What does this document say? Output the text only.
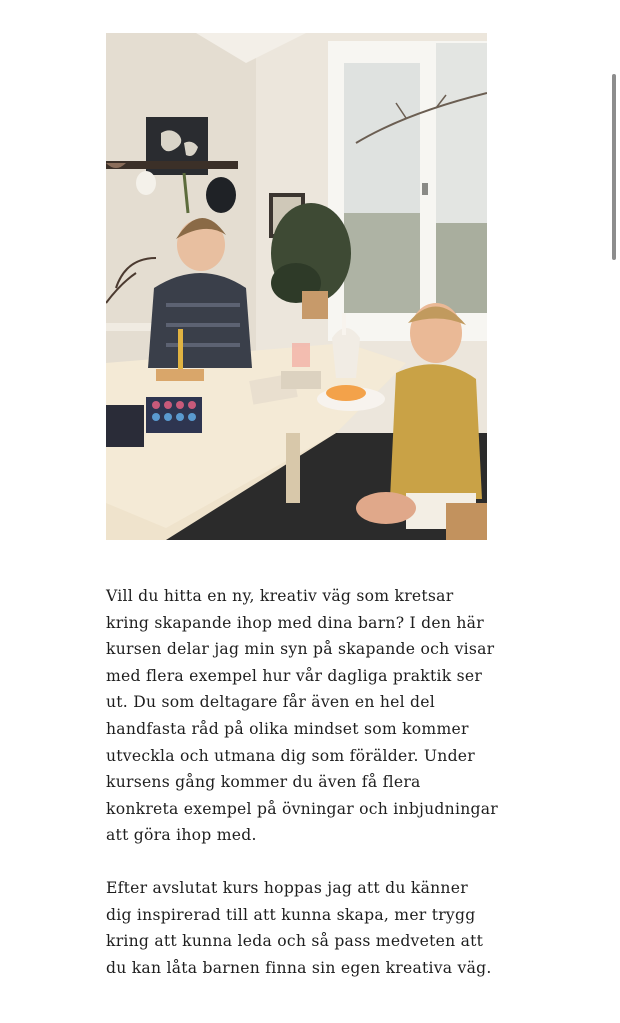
Vill du hitta en ny, kreativ väg som kretsar kring skapande ihop med dina barn? I den här kursen delar jag min syn på skapande och visar med flera exempel hur vår dagliga praktik ser ut. Du som deltagare får även en hel del handfasta råd på olika mindset som kommer utveckla och utmana dig som förälder. Under kursens gång kommer du även få flera konkreta exempel på övningar och inbjudningar att göra ihop med.

Efter avslutat kurs hoppas jag att du känner dig inspirerad till att kunna skapa, mer trygg kring att kunna leda och så pass medveten att du kan låta barnen finna sin egen kreativa väg.
